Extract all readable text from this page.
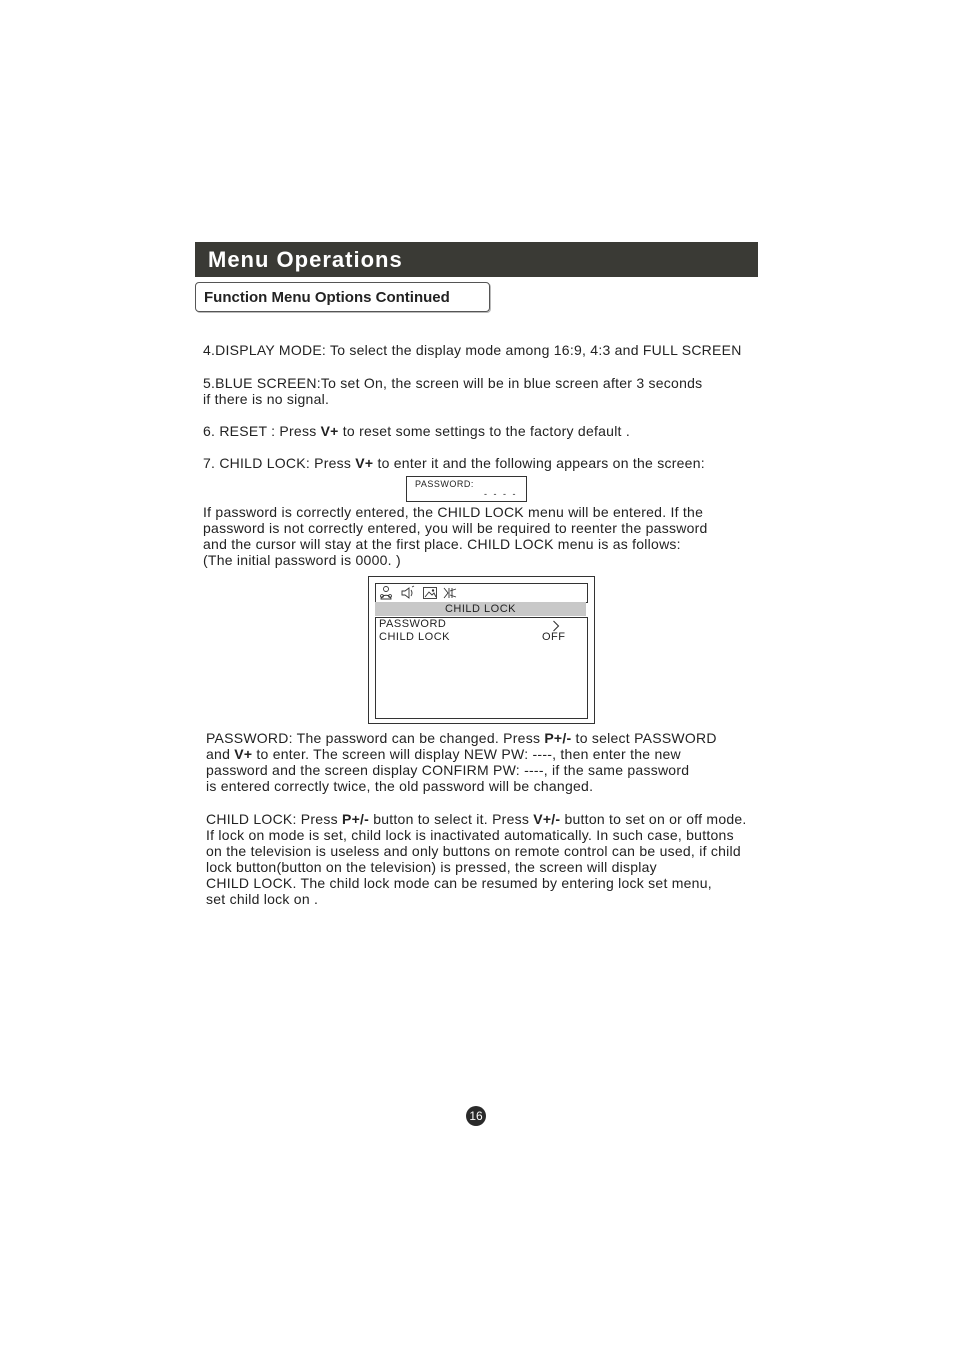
Menu Operations
Function Menu Options Continued
4.DISPLAY MODE: To select the display mode among 16:9, 4:3 and FULL SCREEN
5.BLUE SCREEN:To set On, the screen will be in blue screen after 3 seconds
if there is no signal.
6. RESET : Press V+ to reset some settings to the factory default .
7. CHILD LOCK: Press V+ to enter it and the following appears on the screen:
PASSWORD:
- - - -
If password is correctly entered, the CHILD LOCK menu will be entered. If the
password is not correctly entered, you will be required to reenter the password
and the cursor will stay at the first place. CHILD LOCK menu is as follows:
(The initial password is 0000. )
CHILD LOCK
PASSWORD
CHILD LOCK	OFF
PASSWORD: The password can be changed. Press P+/- to select PASSWORD
and V+ to enter. The screen will display NEW PW: ----, then enter the new
password and the screen display CONFIRM PW: ----, if the same password
is entered correctly twice, the old password will be changed.
CHILD LOCK: Press P+/- button to select it. Press V+/- button to set on or off mode.
If lock on mode is set, child lock is inactivated automatically. In such case, buttons
on the television is useless and only buttons on remote control can be used, if child
lock button(button on the television) is pressed, the screen will display
CHILD LOCK. The child lock mode can be resumed by entering lock set menu,
set child lock on .
16
